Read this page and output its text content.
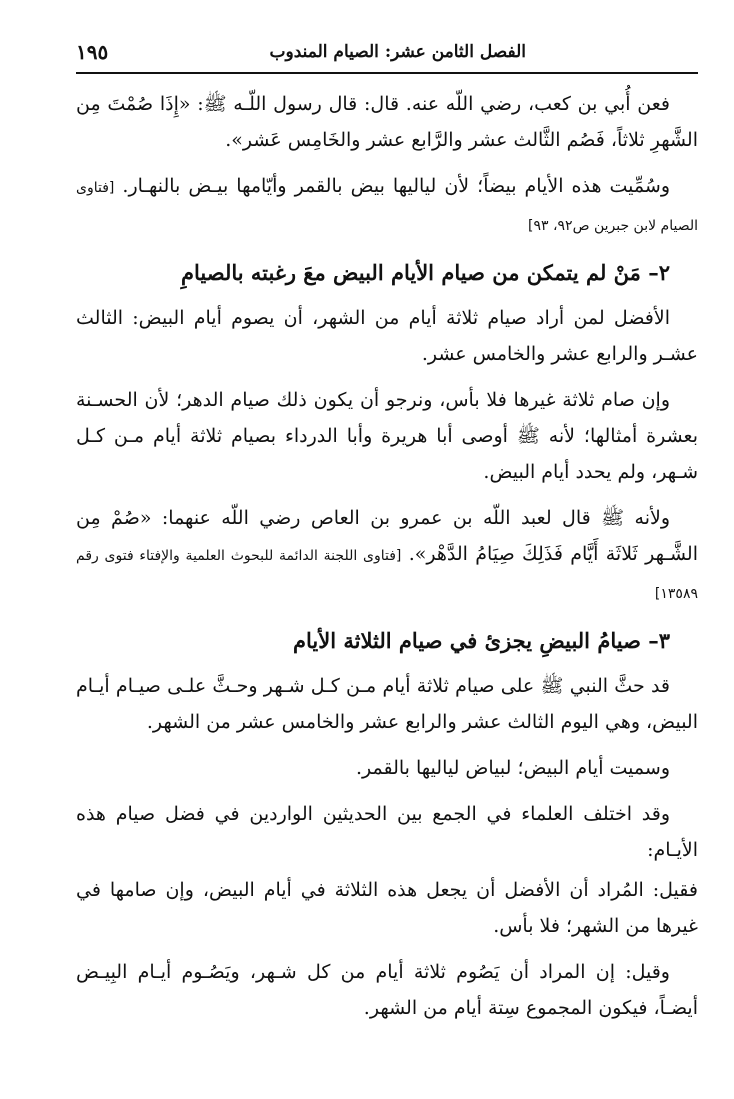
الفصل الثامن عشر: الصيام المندوب
١٩٥

فعن أُبي بن كعب، رضي اللّه عنه. قال: قال رسول اللّـه ﷺ: «إِذَا صُمْتَ مِن الشَّهرِ ثلاثاً، فَصُم الثَّالث عشر والرَّابع عشر والخَامِس عَشر».

وسُمِّيت هذه الأيام بيضاً؛ لأن لياليها بيض بالقمر وأيّامها بيـض بالنهـار. [فتاوى الصيام لابن جبرين ص٩٢، ٩٣]

٢– مَنْ لم يتمكن من صيام الأيام البيض معَ رغبته بالصيامِ

الأفضل لمن أراد صيام ثلاثة أيام من الشهر، أن يصوم أيام البيض: الثالث عشـر والرابع عشر والخامس عشر.

وإن صام ثلاثة غيرها فلا بأس، ونرجو أن يكون ذلك صيام الدهر؛ لأن الحسـنة بعشرة أمثالها؛ لأنه ﷺ أوصى أبا هريرة وأبا الدرداء بصيام ثلاثة أيام مـن كـل شـهر، ولم يحدد أيام البيض.

ولأنه ﷺ قال لعبد اللّه بن عمرو بن العاص رضي اللّه عنهما: «صُمْ مِن الشَّـهر ثَلاثَة أَيَّام فَذَلِكَ صِيَامُ الدَّهْر». [فتاوى اللجنة الدائمة للبحوث العلمية والإفتاء فتوى رقم ١٣٥٨٩]

٣– صيامُ البيضِ يجزئ في صيام الثلاثة الأيام

قد حثَّ النبي ﷺ على صيام ثلاثة أيام مـن كـل شـهر وحـثَّ علـى صيـام أيـام البيض، وهي اليوم الثالث عشر والرابع عشر والخامس عشر من الشهر.

وسميت أيام البيض؛ لبياض لياليها بالقمر.

وقد اختلف العلماء في الجمع بين الحديثين الواردين في فضل صيام هذه الأيـام:

فقيل: المُراد أن الأفضل أن يجعل هذه الثلاثة في أيام البيض، وإن صامها في غيرها من الشهر؛ فلا بأس.

وقيل: إن المراد أن يَصُوم ثلاثة أيام من كل شـهر، ويَصُـوم أيـام البِيـض أيضـاً، فيكون المجموع سِتة أيام من الشهر.
